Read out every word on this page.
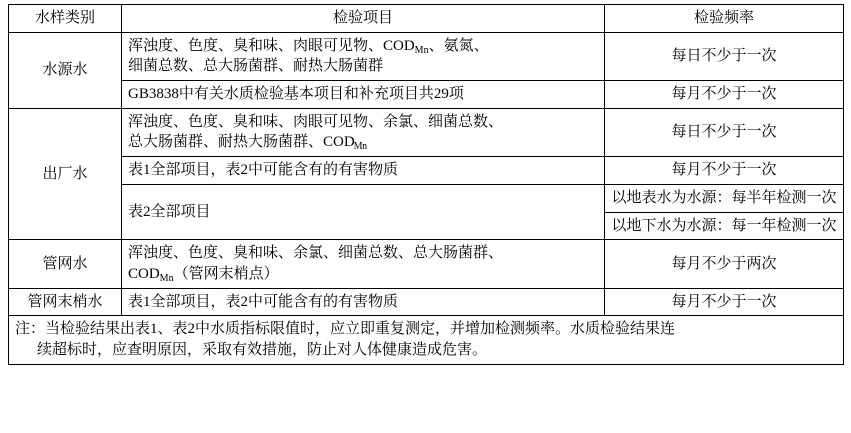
水样类别	检验项目	检验频率
水源水	浑浊度、色度、臭和味、肉眼可见物、$COD_{Mn}$、氨氮、
细菌总数、总大肠菌群、耐热大肠菌群	每日不少于一次
	GB3838中有关水质检验基本项目和补充项目共29项	每月不少于一次
出厂水	浑浊度、色度、臭和味、肉眼可见物、余氯、细菌总数、
总大肠菌群、耐热大肠菌群、$COD_{Mn}$	每日不少于一次
	表1全部项目，表2中可能含有的有害物质	每月不少于一次
	表2全部项目	以地表水为水源：每半年检测一次
		以地下水为水源：每一年检测一次
管网水	浑浊度、色度、臭和味、余氯、细菌总数、总大肠菌群、
$COD_{Mn}$（管网末梢点）	每月不少于两次
管网末梢水	表1全部项目，表2中可能含有的有害物质	每月不少于一次

注：当检验结果出表1、表2中水质指标限值时，应立即重复测定，并增加检测频率。水质检验结果连
续超标时，应查明原因，采取有效措施，防止对人体健康造成危害。		
